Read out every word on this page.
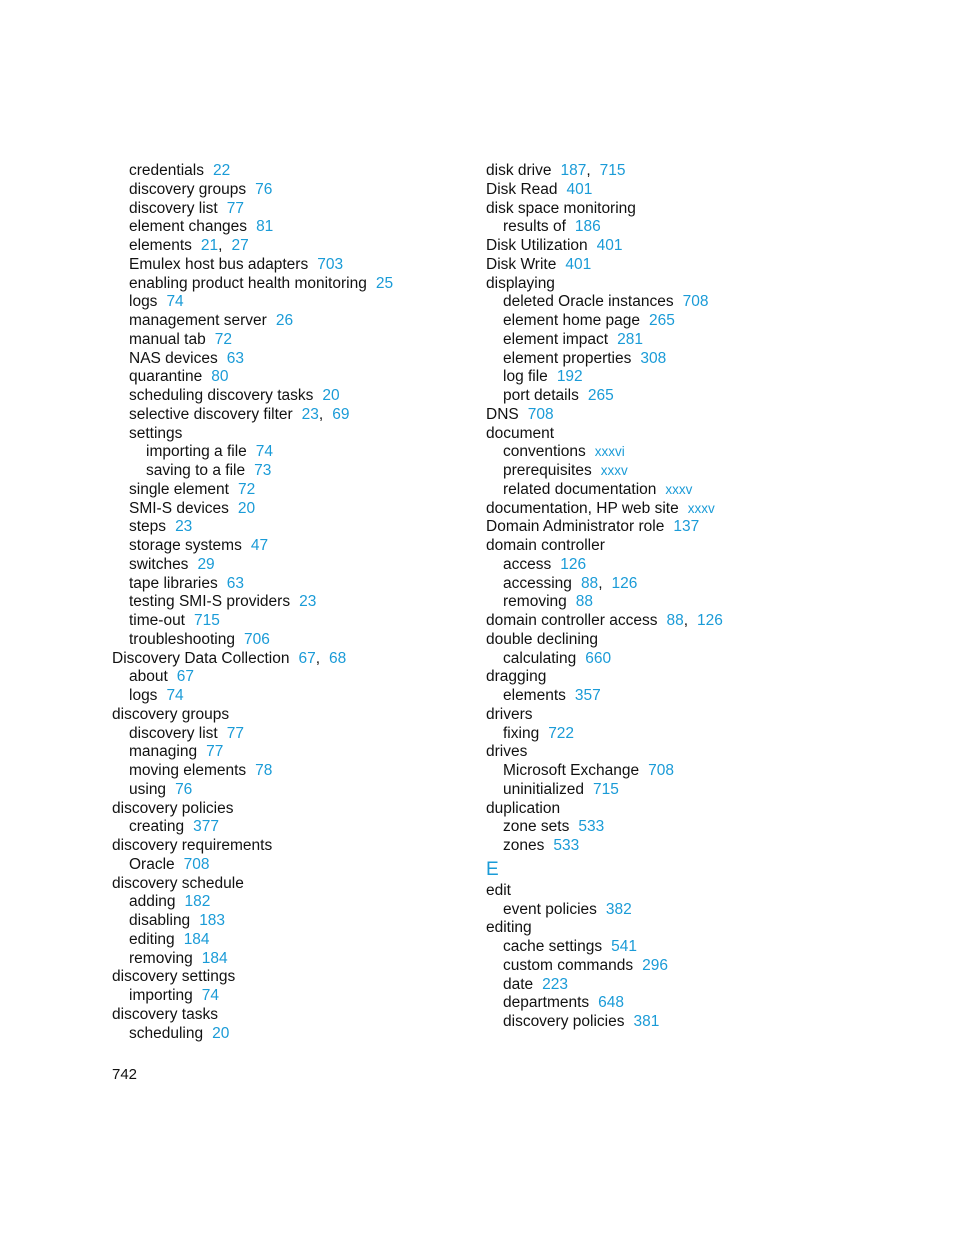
credentials 22
discovery groups 76
discovery list 77
element changes 81
elements 21, 27
Emulex host bus adapters 703
enabling product health monitoring 25
logs 74
management server 26
manual tab 72
NAS devices 63
quarantine 80
scheduling discovery tasks 20
selective discovery filter 23, 69
settings
importing a file 74
saving to a file 73
single element 72
SMI-S devices 20
steps 23
storage systems 47
switches 29
tape libraries 63
testing SMI-S providers 23
time-out 715
troubleshooting 706
Discovery Data Collection 67, 68
about 67
logs 74
discovery groups
discovery list 77
managing 77
moving elements 78
using 76
discovery policies
creating 377
discovery requirements
Oracle 708
discovery schedule
adding 182
disabling 183
editing 184
removing 184
discovery settings
importing 74
discovery tasks
scheduling 20
disk drive 187, 715
Disk Read 401
disk space monitoring
results of 186
Disk Utilization 401
Disk Write 401
displaying
deleted Oracle instances 708
element home page 265
element impact 281
element properties 308
log file 192
port details 265
DNS 708
document
conventions xxxvi
prerequisites xxxv
related documentation xxxv
documentation, HP web site xxxv
Domain Administrator role 137
domain controller
access 126
accessing 88, 126
removing 88
domain controller access 88, 126
double declining
calculating 660
dragging
elements 357
drivers
fixing 722
drives
Microsoft Exchange 708
uninitialized 715
duplication
zone sets 533
zones 533
E
edit
event policies 382
editing
cache settings 541
custom commands 296
date 223
departments 648
discovery policies 381
742
